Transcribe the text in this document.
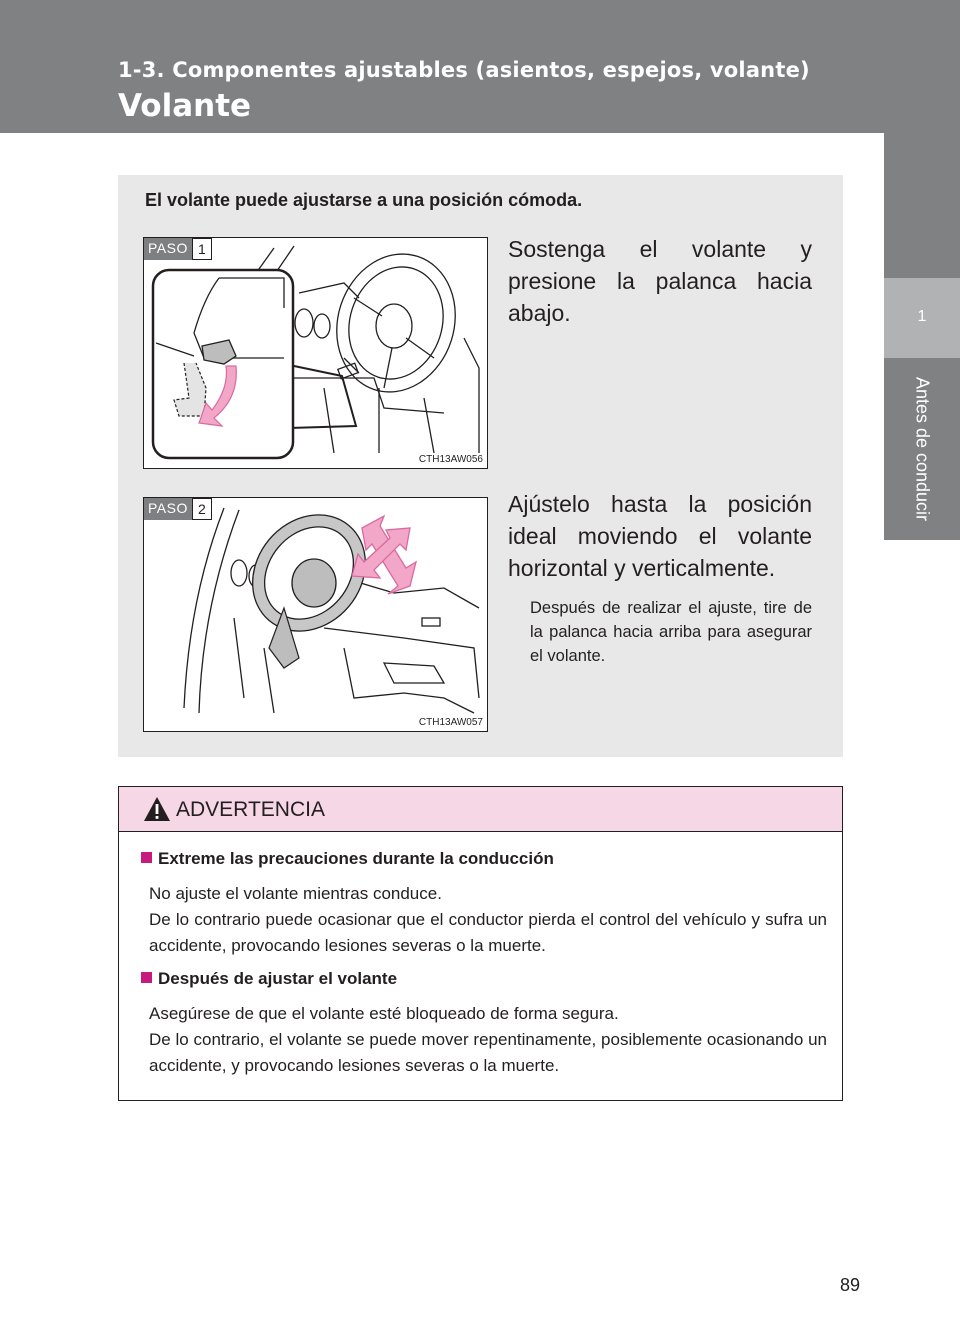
1-3. Componentes ajustables (asientos, espejos, volante)
Volante
1
Antes de conducir
El volante puede ajustarse a una posición cómoda.
PASO 1
CTH13AW056
Sostenga el volante y presione la palanca hacia abajo.
PASO 2
CTH13AW057
Ajústelo hasta la posición ideal moviendo el volante horizontal y verticalmente.
Después de realizar el ajuste, tire de la palanca hacia arriba para asegurar el volante.
ADVERTENCIA
Extreme las precauciones durante la conducción
No ajuste el volante mientras conduce.
De lo contrario puede ocasionar que el conductor pierda el control del vehículo y sufra un accidente, provocando lesiones severas o la muerte.
Después de ajustar el volante
Asegúrese de que el volante esté bloqueado de forma segura.
De lo contrario, el volante se puede mover repentinamente, posiblemente ocasionando un accidente, y provocando lesiones severas o la muerte.
89
